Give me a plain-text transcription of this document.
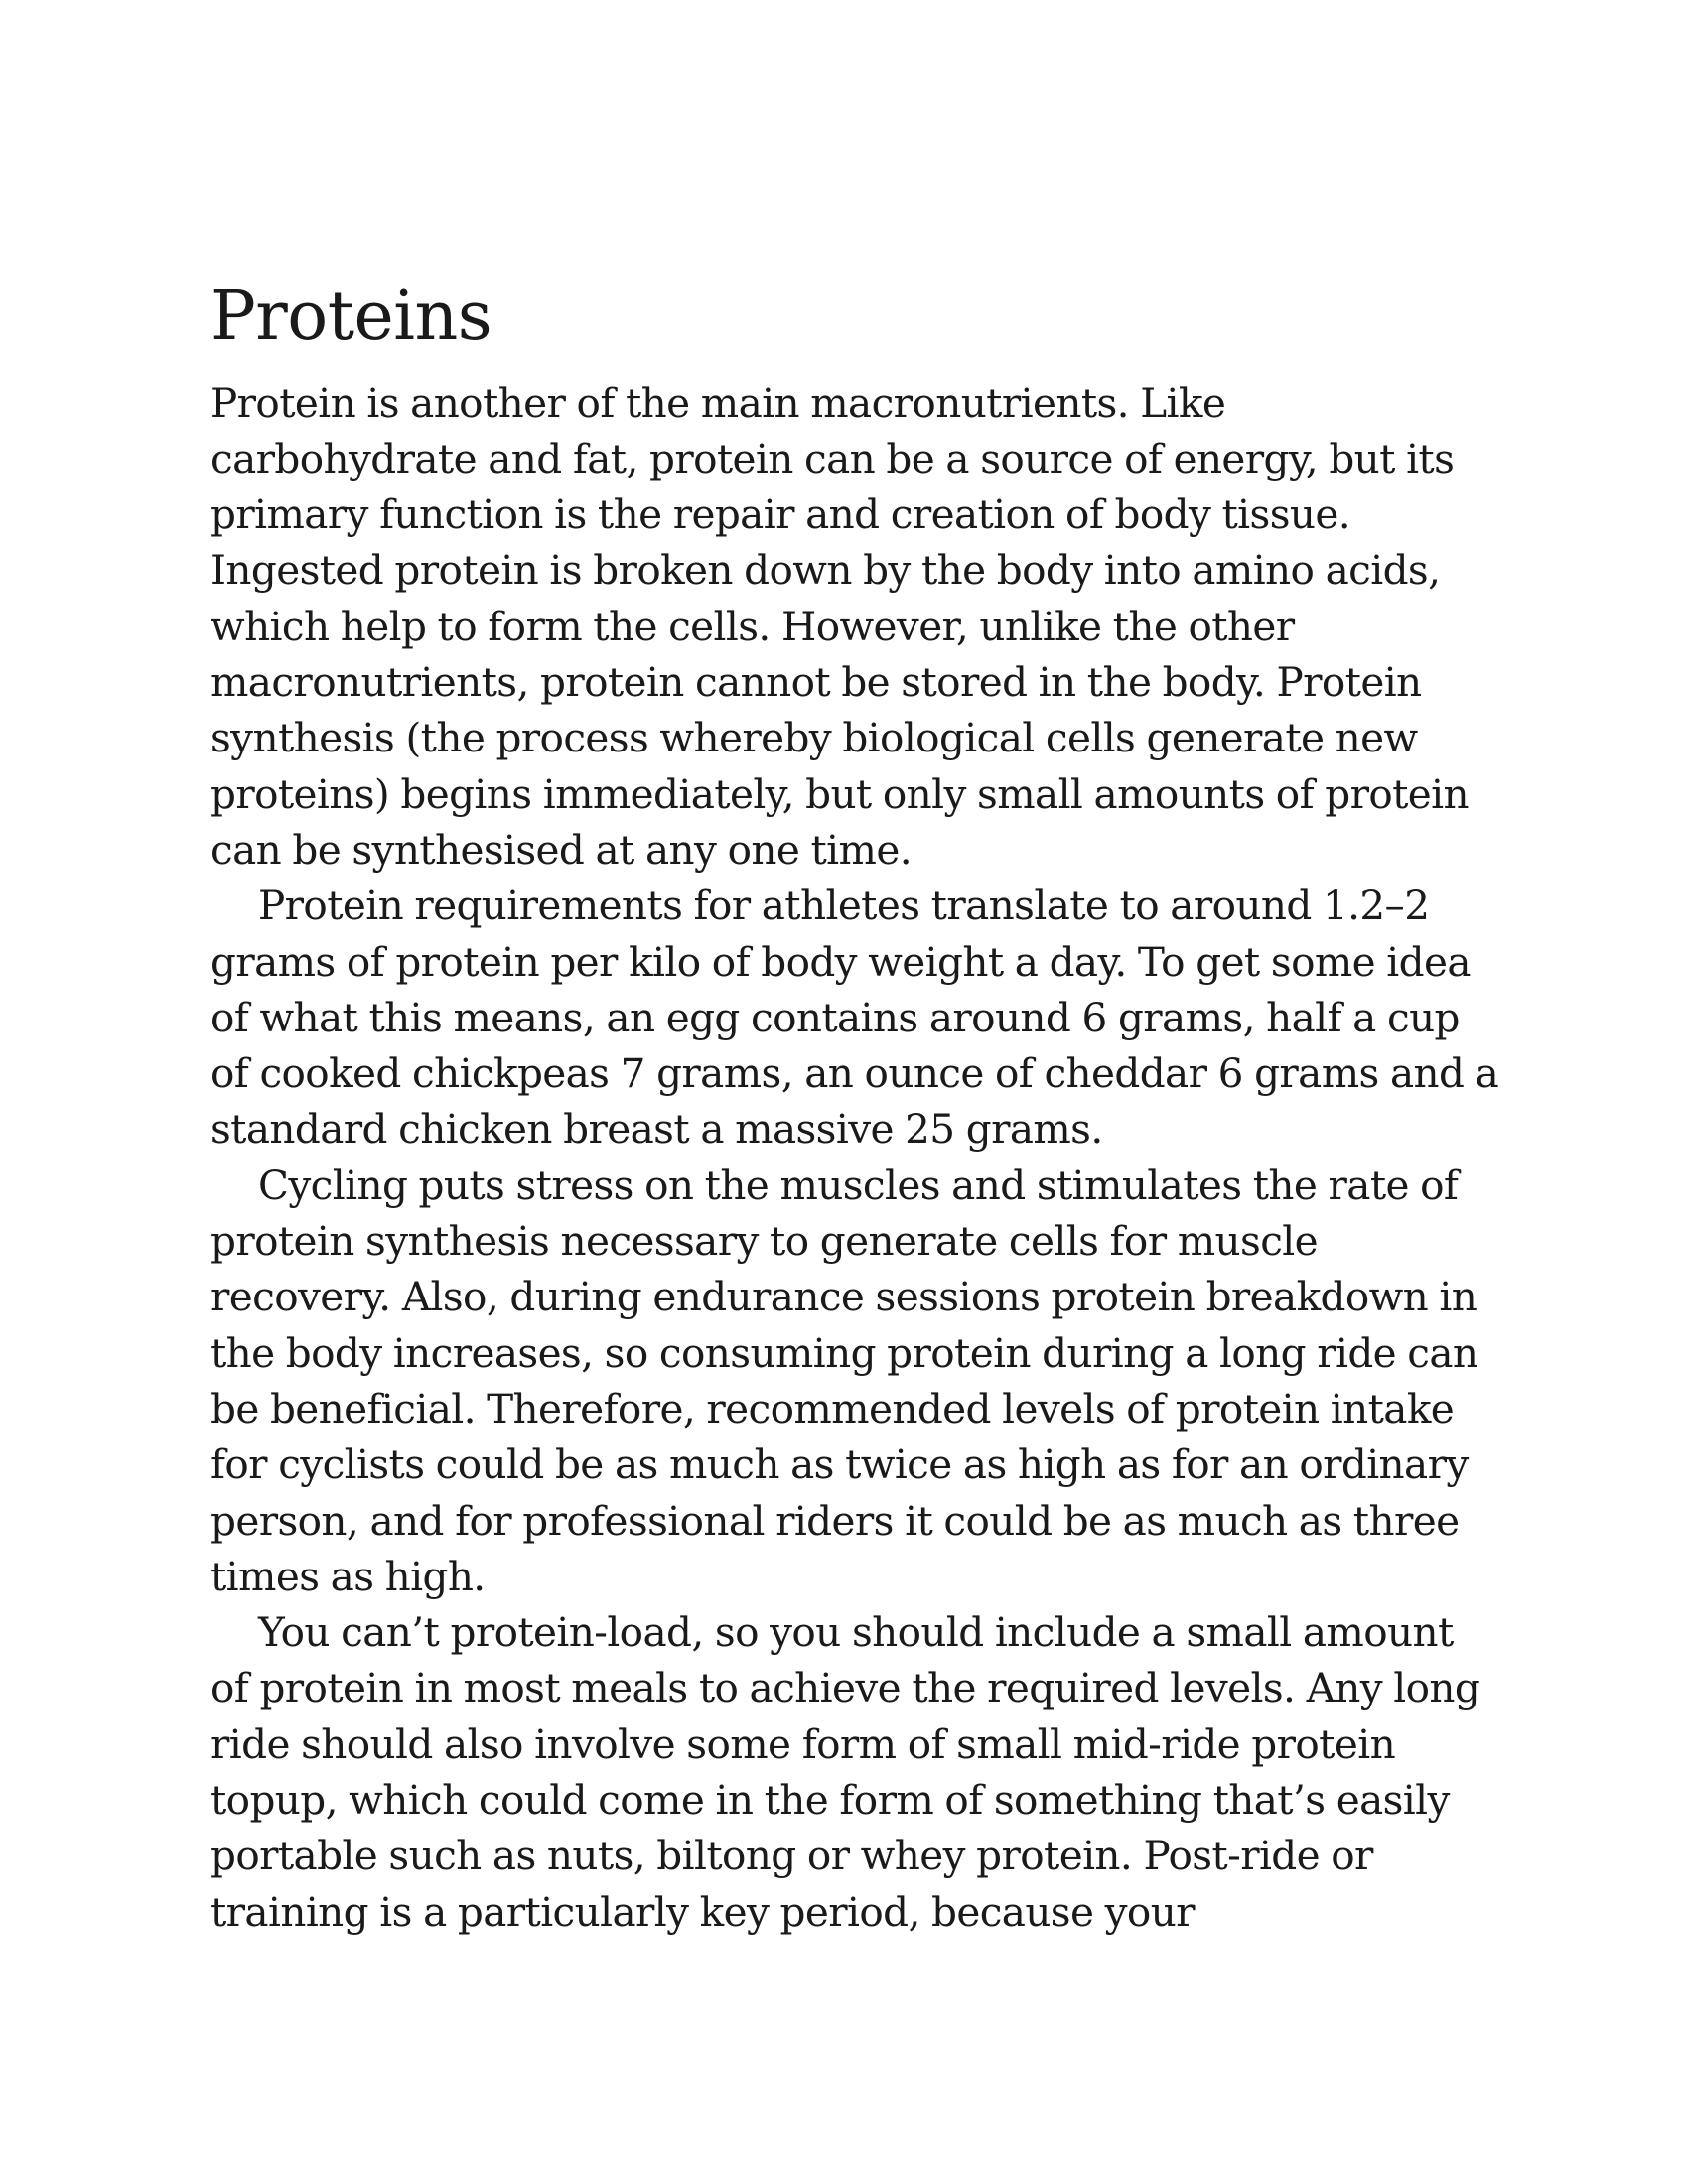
Proteins

Protein is another of the main macronutrients. Like carbohydrate and fat, protein can be a source of energy, but its primary function is the repair and creation of body tissue. Ingested protein is broken down by the body into amino acids, which help to form the cells. However, unlike the other macronutrients, protein cannot be stored in the body. Protein synthesis (the process whereby biological cells generate new proteins) begins immediately, but only small amounts of protein can be synthesised at any one time.

Protein requirements for athletes translate to around 1.2–2 grams of protein per kilo of body weight a day. To get some idea of what this means, an egg contains around 6 grams, half a cup of cooked chickpeas 7 grams, an ounce of cheddar 6 grams and a standard chicken breast a massive 25 grams.

Cycling puts stress on the muscles and stimulates the rate of protein synthesis necessary to generate cells for muscle recovery. Also, during endurance sessions protein breakdown in the body increases, so consuming protein during a long ride can be beneficial. Therefore, recommended levels of protein intake for cyclists could be as much as twice as high as for an ordinary person, and for professional riders it could be as much as three times as high.

You can’t protein-load, so you should include a small amount of protein in most meals to achieve the required levels. Any long ride should also involve some form of small mid-ride protein topup, which could come in the form of something that’s easily portable such as nuts, biltong or whey protein. Post-ride or training is a particularly key period, because your
